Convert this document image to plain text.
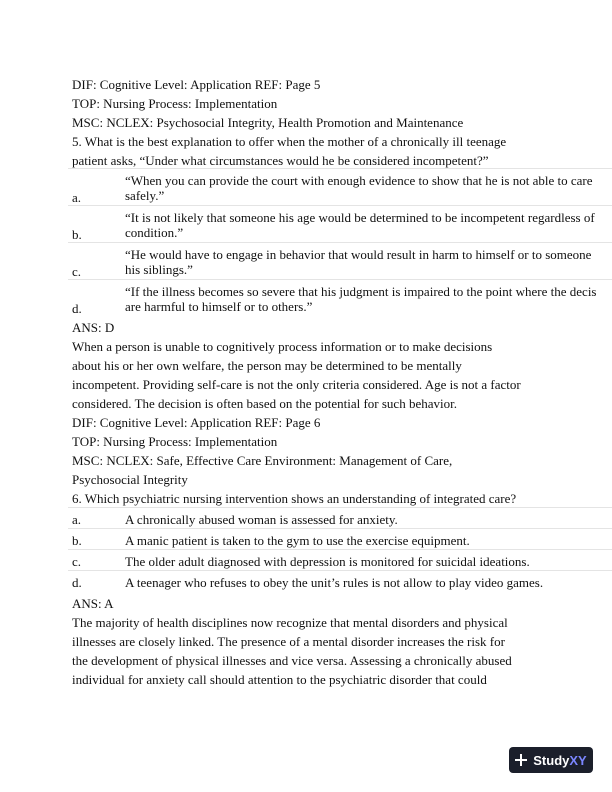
DIF: Cognitive Level: Application REF: Page 5
TOP: Nursing Process: Implementation
MSC: NCLEX: Psychosocial Integrity, Health Promotion and Maintenance
5. What is the best explanation to offer when the mother of a chronically ill teenage
patient asks, “Under what circumstances would he be considered incompetent?”
a.
“When you can provide the court with enough evidence to show that he is not able to care
safely.”
b.
“It is not likely that someone his age would be determined to be incompetent regardless of
condition.”
c.
“He would have to engage in behavior that would result in harm to himself or to someone
his siblings.”
d.
“If the illness becomes so severe that his judgment is impaired to the point where the decis
are harmful to himself or to others.”
ANS: D
When a person is unable to cognitively process information or to make decisions
about his or her own welfare, the person may be determined to be mentally
incompetent. Providing self-care is not the only criteria considered. Age is not a factor
considered. The decision is often based on the potential for such behavior.
DIF: Cognitive Level: Application REF: Page 6
TOP: Nursing Process: Implementation
MSC: NCLEX: Safe, Effective Care Environment: Management of Care,
Psychosocial Integrity
6. Which psychiatric nursing intervention shows an understanding of integrated care?
a.	A chronically abused woman is assessed for anxiety.
b.	A manic patient is taken to the gym to use the exercise equipment.
c.	The older adult diagnosed with depression is monitored for suicidal ideations.
d.	A teenager who refuses to obey the unit’s rules is not allow to play video games.
ANS: A
The majority of health disciplines now recognize that mental disorders and physical
illnesses are closely linked. The presence of a mental disorder increases the risk for
the development of physical illnesses and vice versa. Assessing a chronically abused
individual for anxiety call should attention to the psychiatric disorder that could
StudyXY
